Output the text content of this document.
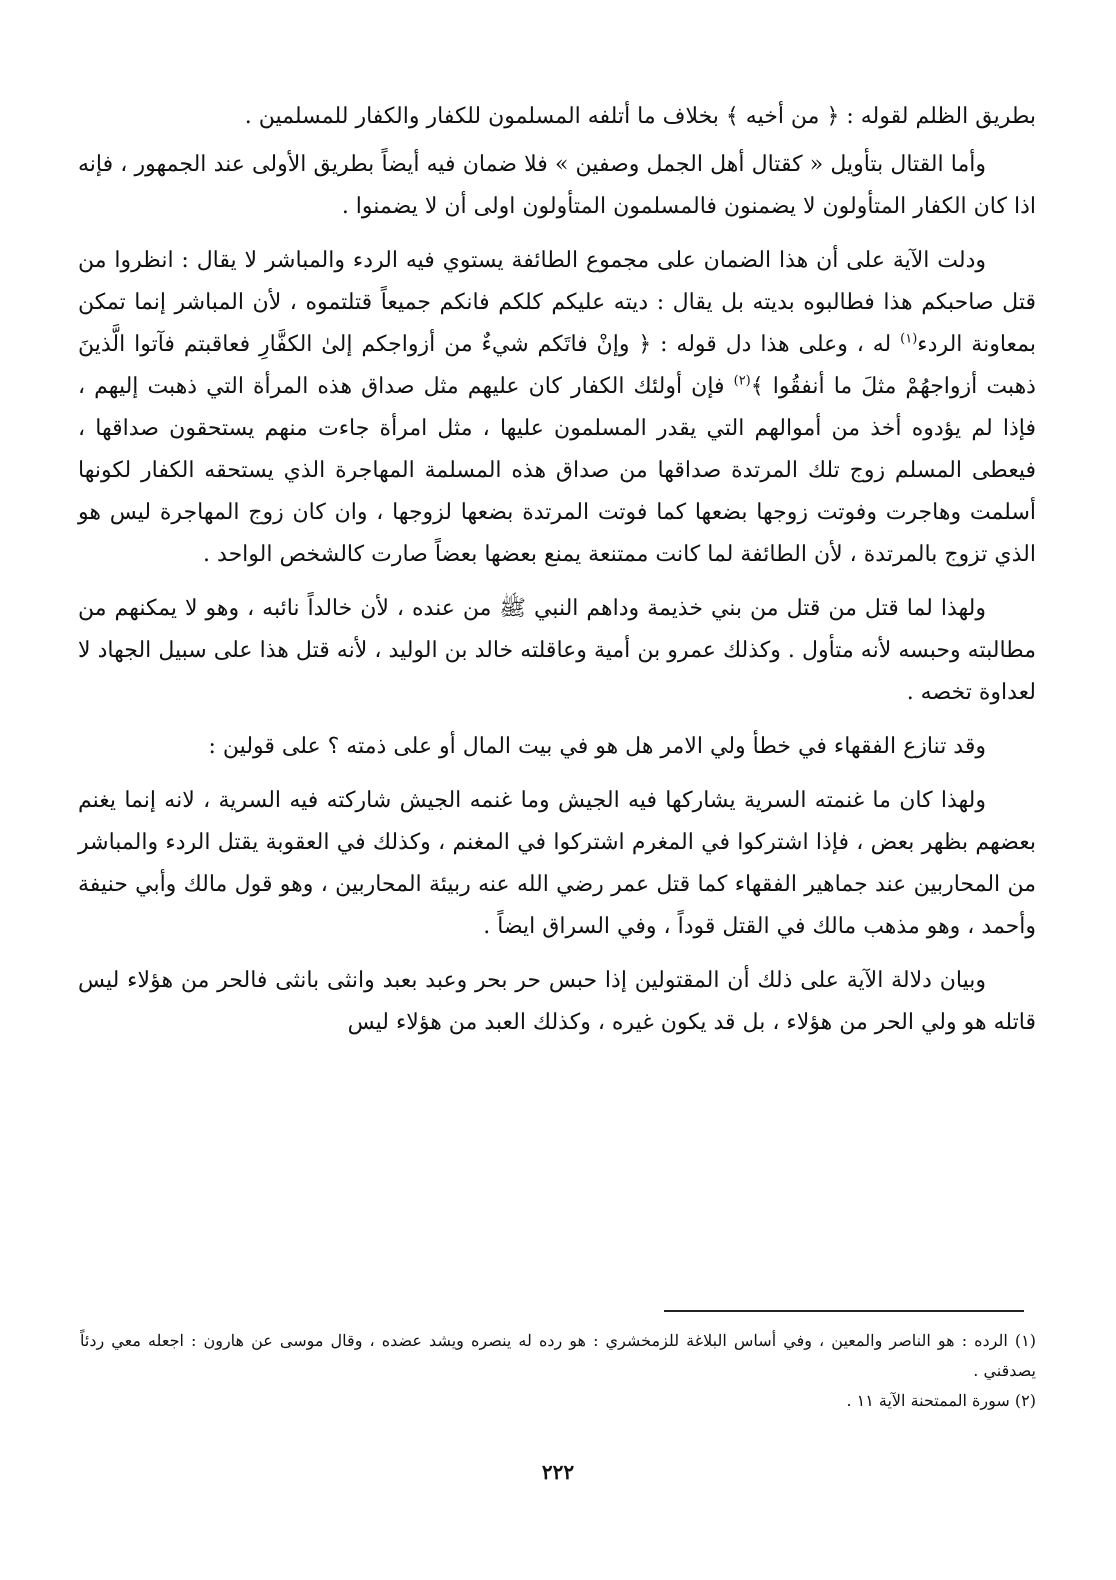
بطريق الظلم لقوله : ﴿ من أخيه ﴾ بخلاف ما أتلفه المسلمون للكفار والكفار للمسلمين .

وأما القتال بتأويل « كقتال أهل الجمل وصفين » فلا ضمان فيه أيضاً بطريق الأولى عند الجمهور ، فإنه اذا كان الكفار المتأولون لا يضمنون فالمسلمون المتأولون اولى أن لا يضمنوا .

ودلت الآية على أن هذا الضمان على مجموع الطائفة يستوي فيه الردء والمباشر لا يقال : انظروا من قتل صاحبكم هذا فطالبوه بديته بل يقال : ديته عليكم كلكم فانكم جميعاً قتلتموه ، لأن المباشر إنما تمكن بمعاونة الردء$^{(١)}$ له ، وعلى هذا دل قوله : ﴿ وإنْ فاتَكم شيءٌ من أزواجكم إلىٰ الكفَّارِ فعاقبتم فآتوا الَّذينَ ذهبت أزواجهُمْ مثلَ ما أنفقُوا ﴾$^{(٢)}$ فإن أولئك الكفار كان عليهم مثل صداق هذه المرأة التي ذهبت إليهم ، فإذا لم يؤدوه أخذ من أموالهم التي يقدر المسلمون عليها ، مثل امرأة جاءت منهم يستحقون صداقها ، فيعطى المسلم زوج تلك المرتدة صداقها من صداق هذه المسلمة المهاجرة الذي يستحقه الكفار لكونها أسلمت وهاجرت وفوتت زوجها بضعها كما فوتت المرتدة بضعها لزوجها ، وان كان زوج المهاجرة ليس هو الذي تزوج بالمرتدة ، لأن الطائفة لما كانت ممتنعة يمنع بعضها بعضاً صارت كالشخص الواحد .

ولهذا لما قتل من قتل من بني خذيمة وداهم النبي ﷺ من عنده ، لأن خالداً نائبه ، وهو لا يمكنهم من مطالبته وحبسه لأنه متأول . وكذلك عمرو بن أمية وعاقلته خالد بن الوليد ، لأنه قتل هذا على سبيل الجهاد لا لعداوة تخصه .

وقد تنازع الفقهاء في خطأ ولي الامر هل هو في بيت المال أو على ذمته ؟ على قولين :

ولهذا كان ما غنمته السرية يشاركها فيه الجيش وما غنمه الجيش شاركته فيه السرية ، لانه إنما يغنم بعضهم بظهر بعض ، فإذا اشتركوا في المغرم اشتركوا في المغنم ، وكذلك في العقوبة يقتل الردء والمباشر من المحاربين عند جماهير الفقهاء كما قتل عمر رضي الله عنه ربيئة المحاربين ، وهو قول مالك وأبي حنيفة وأحمد ، وهو مذهب مالك في القتل قوداً ، وفي السراق ايضاً .

وبيان دلالة الآية على ذلك أن المقتولين إذا حبس حر بحر وعبد بعبد وانثى بانثى فالحر من هؤلاء ليس قاتله هو ولي الحر من هؤلاء ، بل قد يكون غيره ، وكذلك العبد من هؤلاء ليس

(١) الرده : هو الناصر والمعين ، وفي أساس البلاغة للزمخشري : هو رده له ينصره ويشد عضده ، وقال موسى عن هارون : اجعله معي ردئاً يصدقني .

(٢) سورة الممتحنة الآية ١١ .

٢٢٢
